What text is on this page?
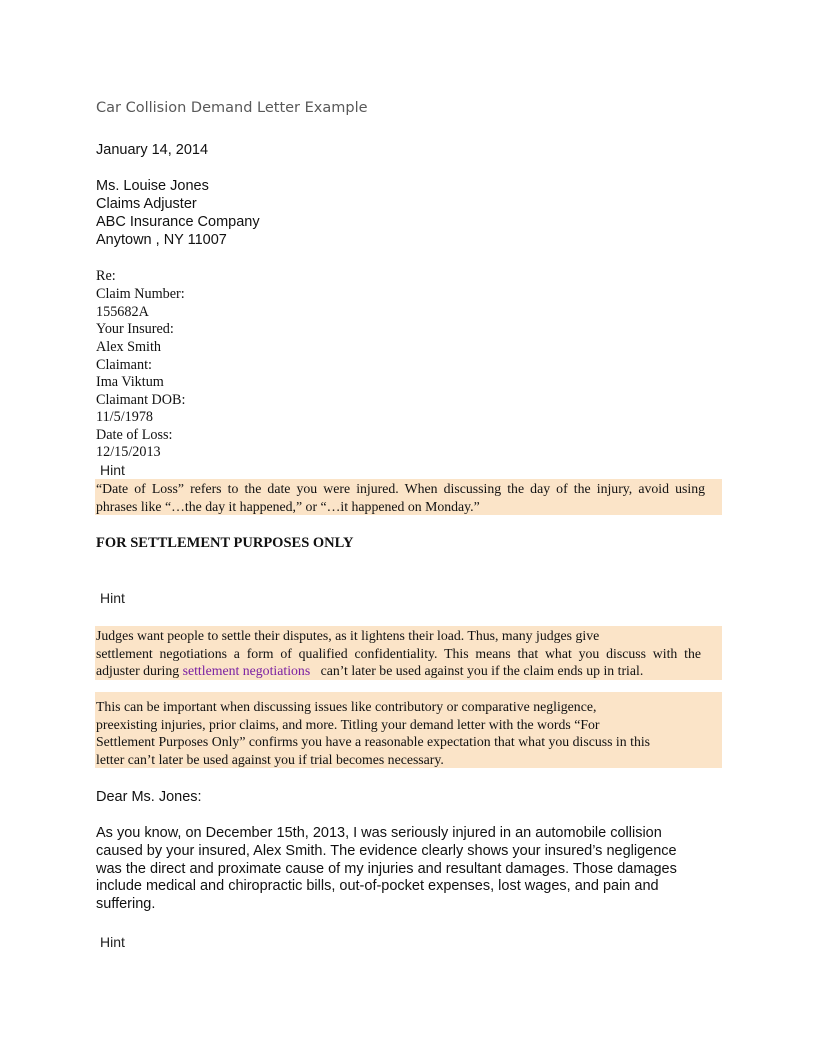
Car Collision Demand Letter Example
January 14, 2014
Ms. Louise Jones
Claims Adjuster
ABC Insurance Company
Anytown , NY 11007
Re:
Claim Number:
155682A
Your Insured:
Alex Smith
Claimant:
Ima Viktum
Claimant DOB:
11/5/1978
Date of Loss:
12/15/2013
Hint
“Date of Loss” refers to the date you were injured. When discussing the day of the injury, avoid using
phrases like “…the day it happened,” or “…it happened on Monday.”
FOR SETTLEMENT PURPOSES ONLY
Hint
Judges want people to settle their disputes, as it lightens their load. Thus, many judges give
settlement negotiations a form of qualified confidentiality. This means that what you discuss with the
adjuster during settlement negotiations   can’t later be used against you if the claim ends up in trial.
This can be important when discussing issues like contributory or comparative negligence,
preexisting injuries, prior claims, and more. Titling your demand letter with the words “For
Settlement Purposes Only” confirms you have a reasonable expectation that what you discuss in this
letter can’t later be used against you if trial becomes necessary.
Dear Ms. Jones:
As you know, on December 15th, 2013, I was seriously injured in an automobile collision
caused by your insured, Alex Smith. The evidence clearly shows your insured’s negligence
was the direct and proximate cause of my injuries and resultant damages. Those damages
include medical and chiropractic bills, out-of-pocket expenses, lost wages, and pain and
suffering.
Hint
